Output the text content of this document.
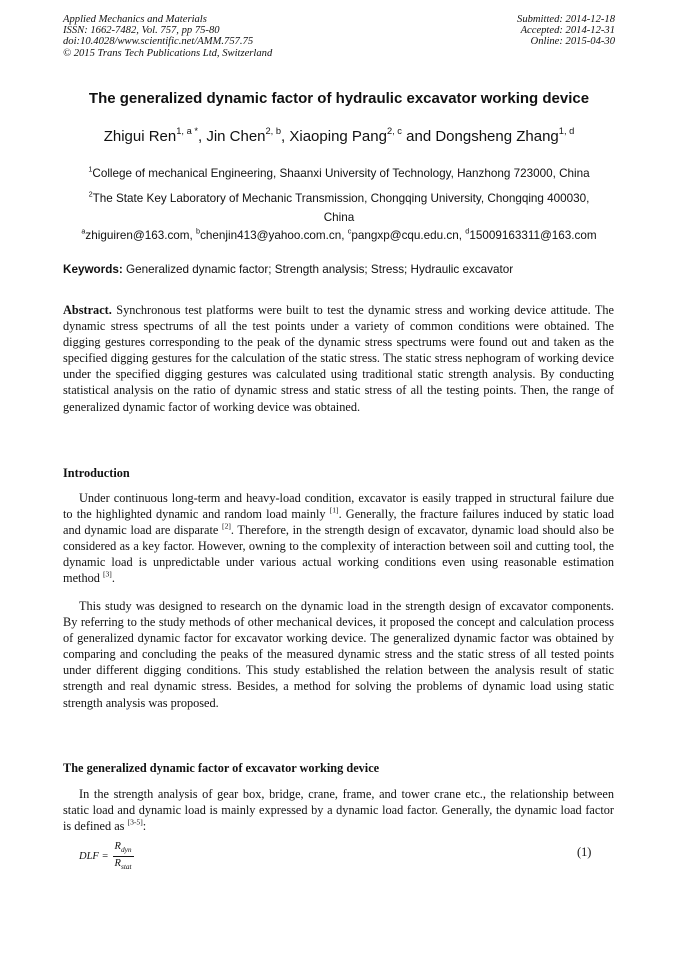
Applied Mechanics and Materials
ISSN: 1662-7482, Vol. 757, pp 75-80
doi:10.4028/www.scientific.net/AMM.757.75
© 2015 Trans Tech Publications Ltd, Switzerland
Submitted: 2014-12-18
Accepted: 2014-12-31
Online: 2015-04-30
The generalized dynamic factor of hydraulic excavator working device
Zhigui Ren$^{1, a *}$, Jin Chen$^{2, b}$, Xiaoping Pang$^{2, c}$ and Dongsheng Zhang$^{1, d}$
$^1$College of mechanical Engineering, Shaanxi University of Technology, Hanzhong 723000, China
$^2$The State Key Laboratory of Mechanic Transmission, Chongqing University, Chongqing 400030,
China
$^a$zhiguiren@163.com, $^b$chenjin413@yahoo.com.cn, $^c$pangxp@cqu.edu.cn, $^d$15009163311@163.com
Keywords: Generalized dynamic factor; Strength analysis; Stress; Hydraulic excavator
Abstract. Synchronous test platforms were built to test the dynamic stress and working device attitude. The dynamic stress spectrums of all the test points under a variety of common conditions were obtained. The digging gestures corresponding to the peak of the dynamic stress spectrums were found out and taken as the specified digging gestures for the calculation of the static stress. The static stress nephogram of working device under the specified digging gestures was calculated using traditional static strength analysis. By conducting statistical analysis on the ratio of dynamic stress and static stress of all the testing points. Then, the range of generalized dynamic factor of working device was obtained.
Introduction
Under continuous long-term and heavy-load condition, excavator is easily trapped in structural failure due to the highlighted dynamic and random load mainly [1]. Generally, the fracture failures induced by static load and dynamic load are disparate [2]. Therefore, in the strength design of excavator, dynamic load should also be considered as a key factor. However, owning to the complexity of interaction between soil and cutting tool, the dynamic load is unpredictable under various actual working conditions even using reasonable estimation method [3].
This study was designed to research on the dynamic load in the strength design of excavator components. By referring to the study methods of other mechanical devices, it proposed the concept and calculation process of generalized dynamic factor for excavator working device. The generalized dynamic factor was obtained by comparing and concluding the peaks of the measured dynamic stress and the static stress of all tested points under different digging conditions. This study established the relation between the analysis result of static strength and real dynamic stress. Besides, a method for solving the problems of dynamic load using static strength analysis was proposed.
The generalized dynamic factor of excavator working device
In the strength analysis of gear box, bridge, crane, frame, and tower crane etc., the relationship between static load and dynamic load is mainly expressed by a dynamic load factor. Generally, the dynamic load factor is defined as [3-5]:
DLF = $\frac{R_{dyn}}{R_{stat}}$	(1)
